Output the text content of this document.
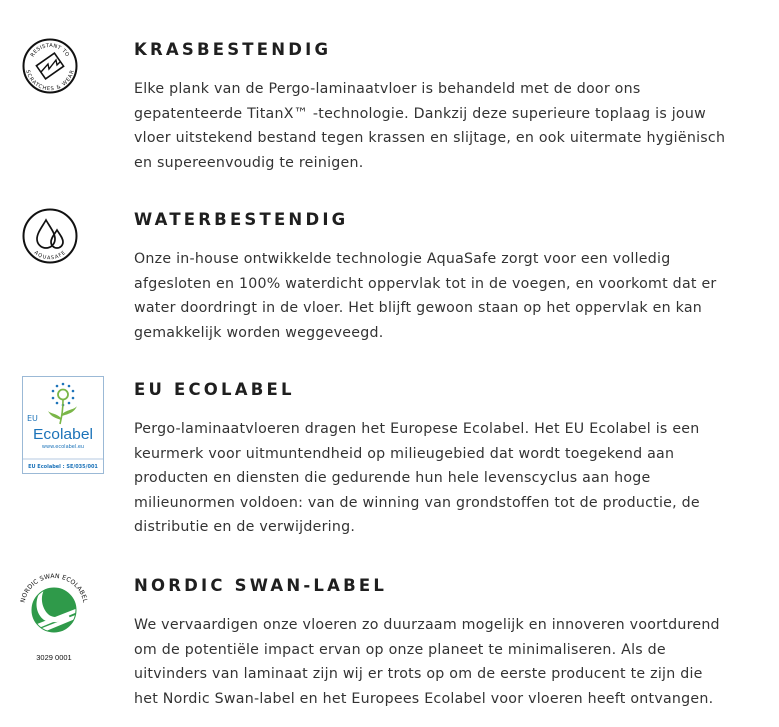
RESISTANT TO
SCRATCHES & WEAR
KRASBESTENDIG

Elke plank van de Pergo-laminaatvloer is behandeld met de door ons
gepatenteerde TitanX™ -technologie. Dankzij deze superieure toplaag is jouw
vloer uitstekend bestand tegen krassen en slijtage, en ook uitermate hygiënisch
en supereenvoudig te reinigen.

AQUASAFE
WATERBESTENDIG

Onze in-house ontwikkelde technologie AquaSafe zorgt voor een volledig
afgesloten en 100% waterdicht oppervlak tot in de voegen, en voorkomt dat er
water doordringt in de vloer. Het blijft gewoon staan op het oppervlak en kan
gemakkelijk worden weggeveegd.

EU
Ecolabel
www.ecolabel.eu
EU Ecolabel : SE/035/001
EU ECOLABEL

Pergo-laminaatvloeren dragen het Europese Ecolabel. Het EU Ecolabel is een
keurmerk voor uitmuntendheid op milieugebied dat wordt toegekend aan
producten en diensten die gedurende hun hele levenscyclus aan hoge
milieunormen voldoen: van de winning van grondstoffen tot de productie, de
distributie en de verwijdering.

NORDIC SWAN ECOLABEL
3029 0001
NORDIC SWAN-LABEL

We vervaardigen onze vloeren zo duurzaam mogelijk en innoveren voortdurend
om de potentiële impact ervan op onze planeet te minimaliseren. Als de
uitvinders van laminaat zijn wij er trots op om de eerste producent te zijn die
het Nordic Swan-label en het Europees Ecolabel voor vloeren heeft ontvangen.
